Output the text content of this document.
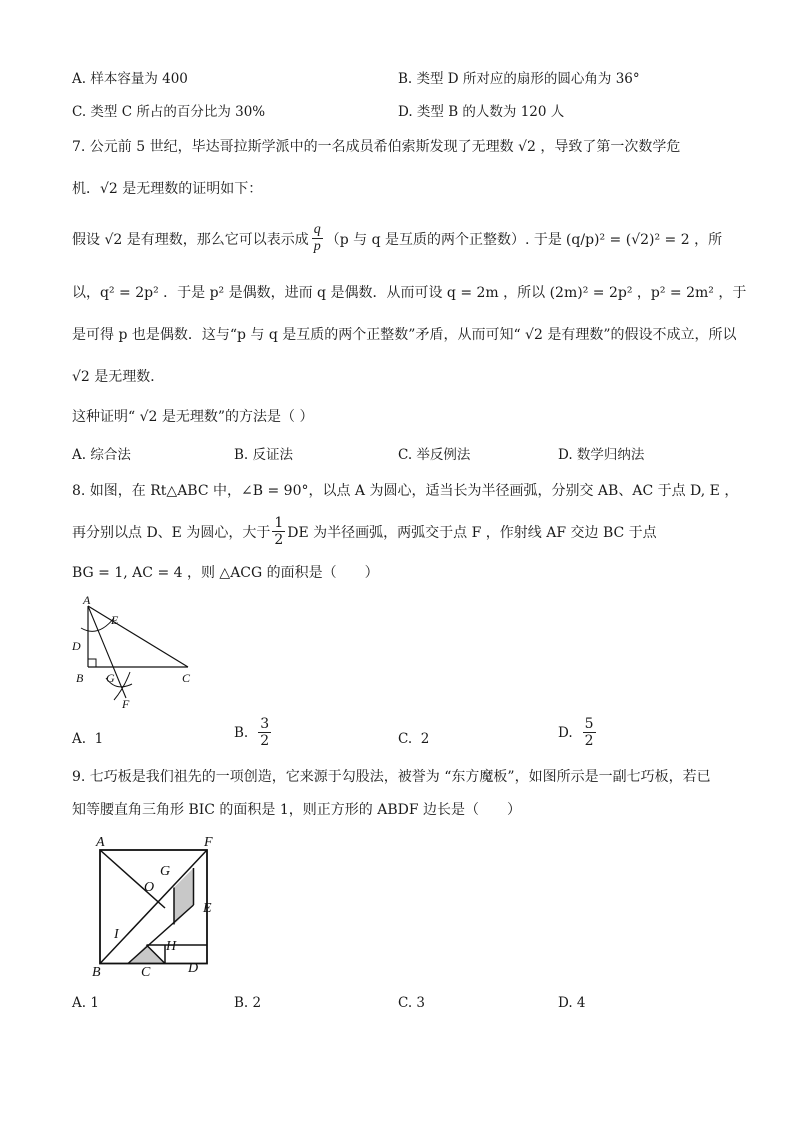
A. 样本容量为 400	B. 类型 D 所对应的扇形的圆心角为 36°
C. 类型 C 所占的百分比为 30%	D. 类型 B 的人数为 120 人
7. 公元前 5 世纪，毕达哥拉斯学派中的一名成员希伯索斯发现了无理数 √2 ，导致了第一次数学危
机．√2 是无理数的证明如下：
假设 √2 是有理数，那么它可以表示成 $\frac{q}{p} (p$ 与 q 是互质的两个正整数）. 于是 (q/p)² = (√2)² = 2 ，所
以，q² = 2p² ．于是 p² 是偶数，进而 q 是偶数．从而可设 q = 2m ，所以 (2m)² = 2p² ，p² = 2m² ，于
是可得 p 也是偶数．这与“p 与 q 是互质的两个正整数”矛盾，从而可知“ √2 是有理数”的假设不成立，所以
√2 是无理数．
这种证明“ √2 是无理数”的方法是（ ）
A. 综合法	B. 反证法	C. 举反例法	D. 数学归纳法
8. 如图，在 Rt△ABC 中，∠B = 90°，以点 A 为圆心，适当长为半径画弧，分别交 AB、AC 于点 D, E ，
再分别以点 D、E 为圆心，大于 $\frac{1}{2}$ DE 为半径画弧，两弧交于点 F ，作射线 AF 交边 BC 于点
BG = 1, AC = 4 ，则 △ACG 的面积是（　　）
A
E
D
B G	C
F
A. 1	B. $\frac{3}{2}$	C. 2	D. $\frac{5}{2}$
9. 七巧板是我们祖先的一项创造，它来源于勾股法，被誉为 “东方魔板”，如图所示是一副七巧板，若已
知等腰直角三角形 BIC 的面积是 1，则正方形的 ABDF 边长是（　　）
A	F
G
O
E
I
H
B	C	D
A. 1	B. 2	C. 3	D. 4
